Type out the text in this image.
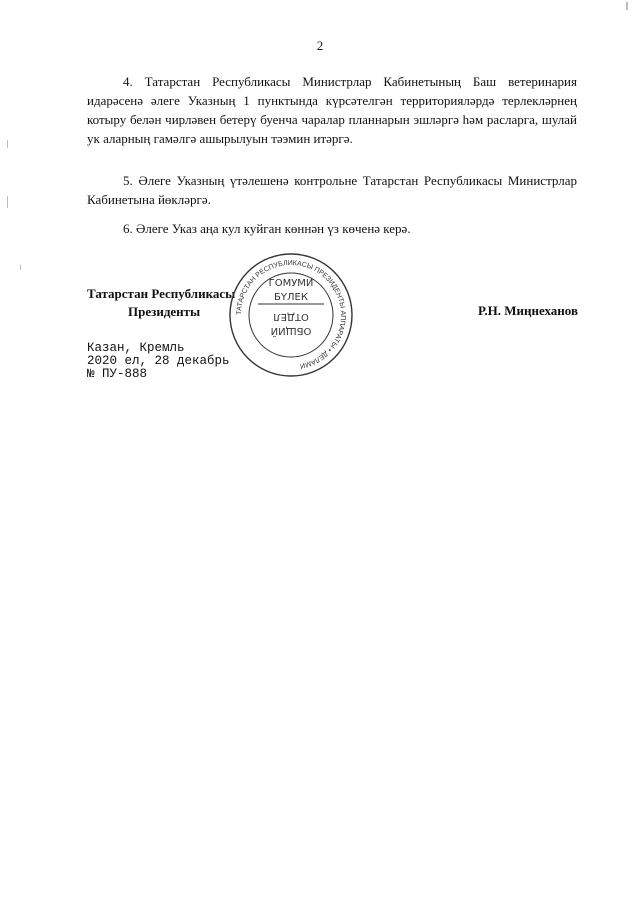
2

4. Татарстан Республикасы Министрлар Кабинетының Баш ветеринария идарәсенә әлеге Указның 1 пунктында күрсәтелгән территорияләрдә терлекләрнең котыру белән чирләвен бетерү буенча чаралар планнарын эшләргә һәм расларга, шулай ук аларның гамәлгә ашырылуын тәэмин итәргә.

5. Әлеге Указның үтәлешенә контрольне Татарстан Республикасы Министрлар Кабинетына йөкләргә.

6. Әлеге Указ аңа кул куйган көннән үз көченә керә.

Татарстан Республикасы
Президенты	Р.Н. Миңнеханов
ТАТАРСТАН РЕСПУБЛИКАСЫ ПРЕЗИДЕНТЫ АППАРАТЫ • ДЕЛАМИ
ГОМУМИ
БҮЛЕК
ОБЩИЙ
ОТДЕЛ
Казан, Кремль
2020 ел, 28 декабрь
№ ПУ-888
